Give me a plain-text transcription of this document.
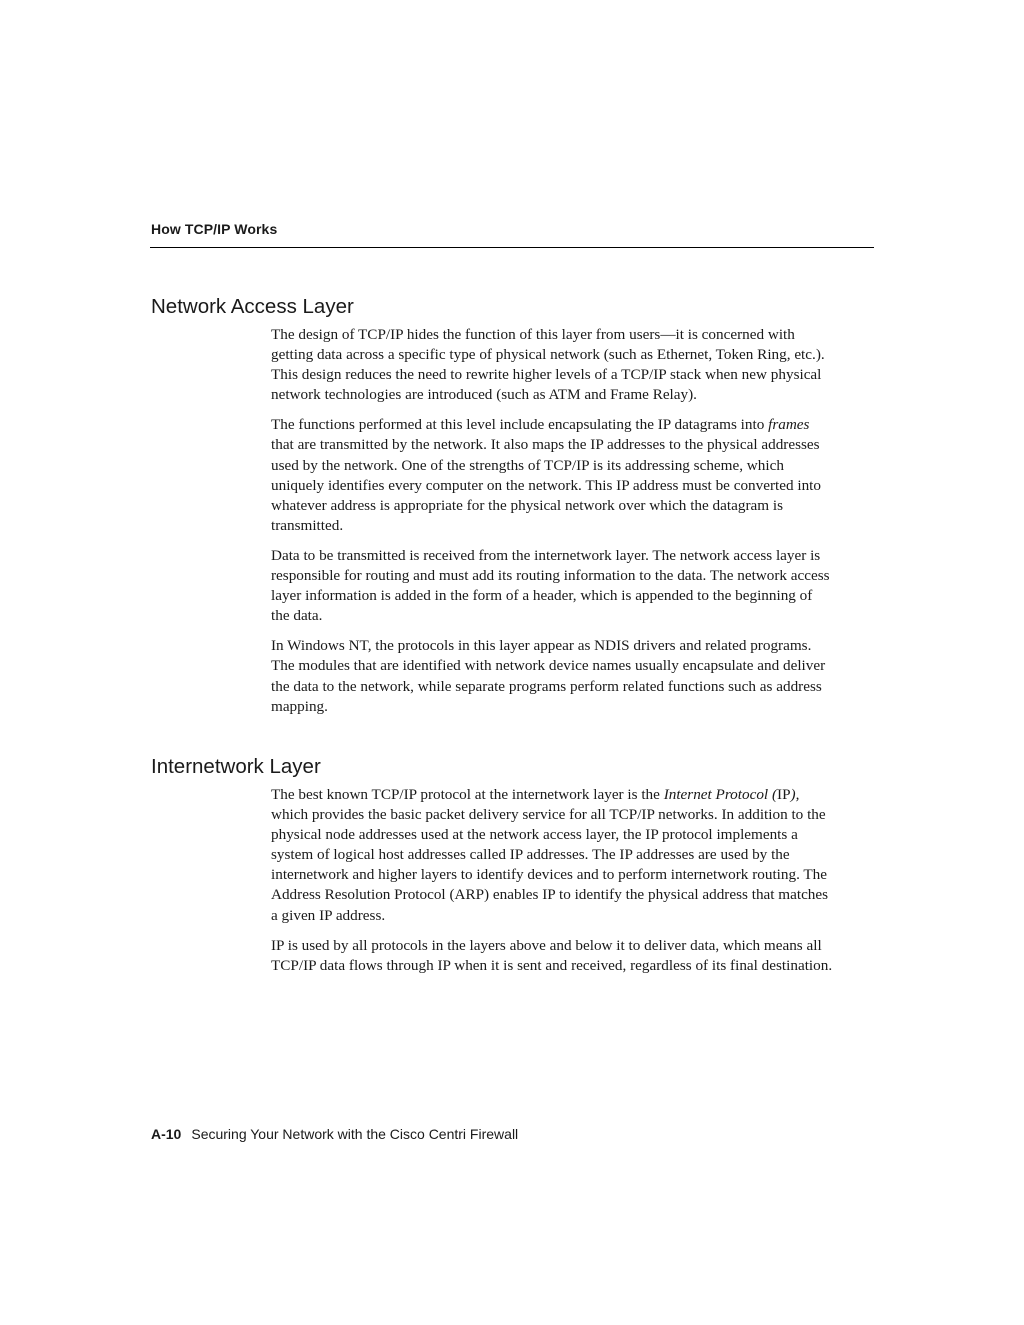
How TCP/IP Works
Network Access Layer

The design of TCP/IP hides the function of this layer from users—it is concerned with
getting data across a specific type of physical network (such as Ethernet, Token Ring, etc.).
This design reduces the need to rewrite higher levels of a TCP/IP stack when new physical
network technologies are introduced (such as ATM and Frame Relay).

The functions performed at this level include encapsulating the IP datagrams into frames
that are transmitted by the network. It also maps the IP addresses to the physical addresses
used by the network. One of the strengths of TCP/IP is its addressing scheme, which
uniquely identifies every computer on the network. This IP address must be converted into
whatever address is appropriate for the physical network over which the datagram is
transmitted.

Data to be transmitted is received from the internetwork layer. The network access layer is
responsible for routing and must add its routing information to the data. The network access
layer information is added in the form of a header, which is appended to the beginning of
the data.

In Windows NT, the protocols in this layer appear as NDIS drivers and related programs.
The modules that are identified with network device names usually encapsulate and deliver
the data to the network, while separate programs perform related functions such as address
mapping.

Internetwork Layer

The best known TCP/IP protocol at the internetwork layer is the Internet Protocol (IP),
which provides the basic packet delivery service for all TCP/IP networks. In addition to the
physical node addresses used at the network access layer, the IP protocol implements a
system of logical host addresses called IP addresses. The IP addresses are used by the
internetwork and higher layers to identify devices and to perform internetwork routing. The
Address Resolution Protocol (ARP) enables IP to identify the physical address that matches
a given IP address.

IP is used by all protocols in the layers above and below it to deliver data, which means all
TCP/IP data flows through IP when it is sent and received, regardless of its final destination.

A-10 Securing Your Network with the Cisco Centri Firewall
